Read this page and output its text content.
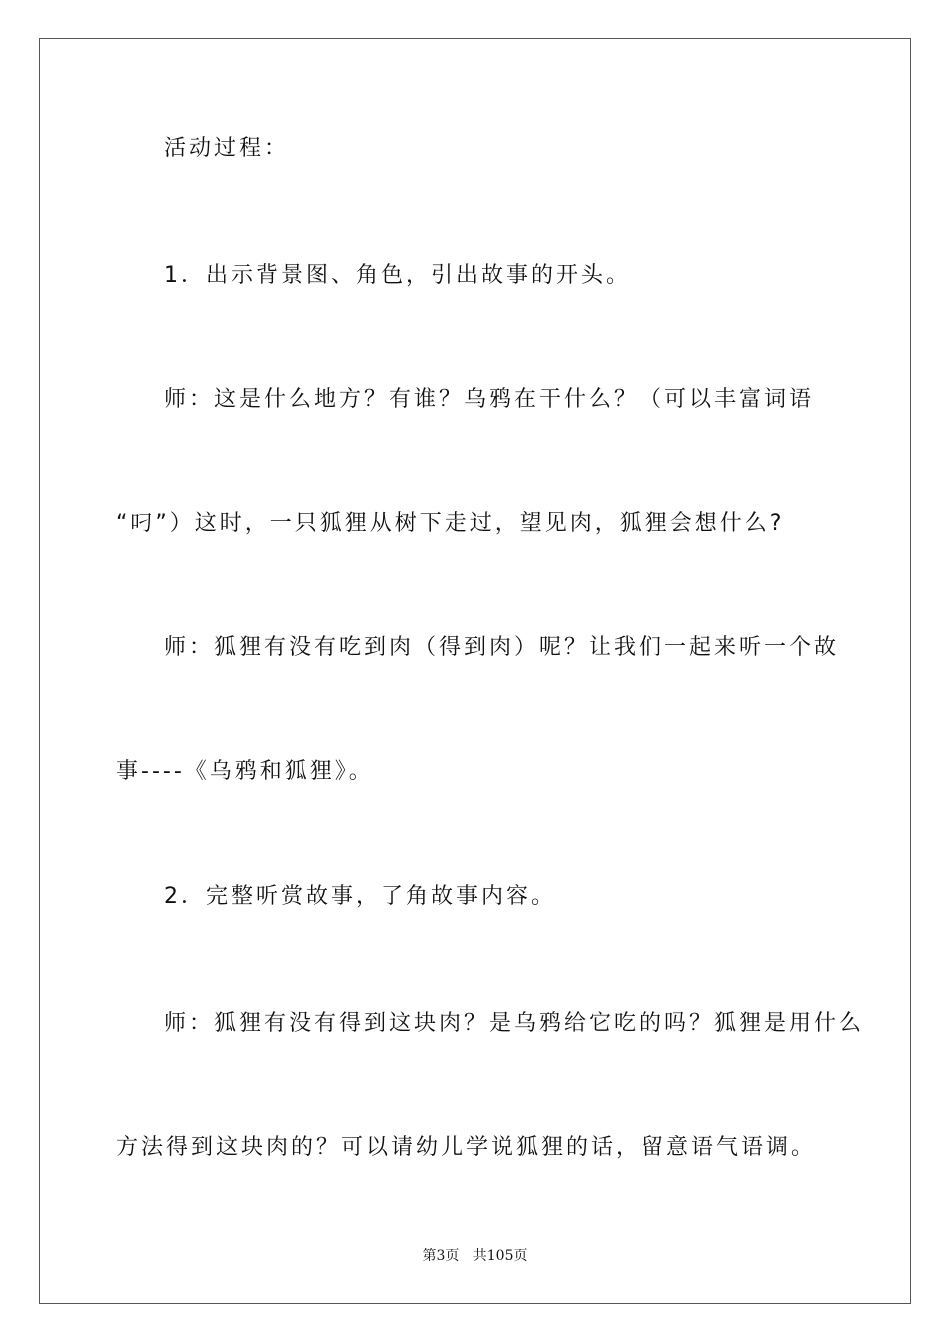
活动过程：
1．出示背景图、角色，引出故事的开头。
师：这是什么地方？有谁？乌鸦在干什么？（可以丰富词语
“叼”）这时，一只狐狸从树下走过，望见肉，狐狸会想什么?
师：狐狸有没有吃到肉（得到肉）呢？让我们一起来听一个故
事----《乌鸦和狐狸》。
2．完整听赏故事，了角故事内容。
师：狐狸有没有得到这块肉？是乌鸦给它吃的吗？狐狸是用什么
方法得到这块肉的？可以请幼儿学说狐狸的话，留意语气语调。
第3页 共105页
